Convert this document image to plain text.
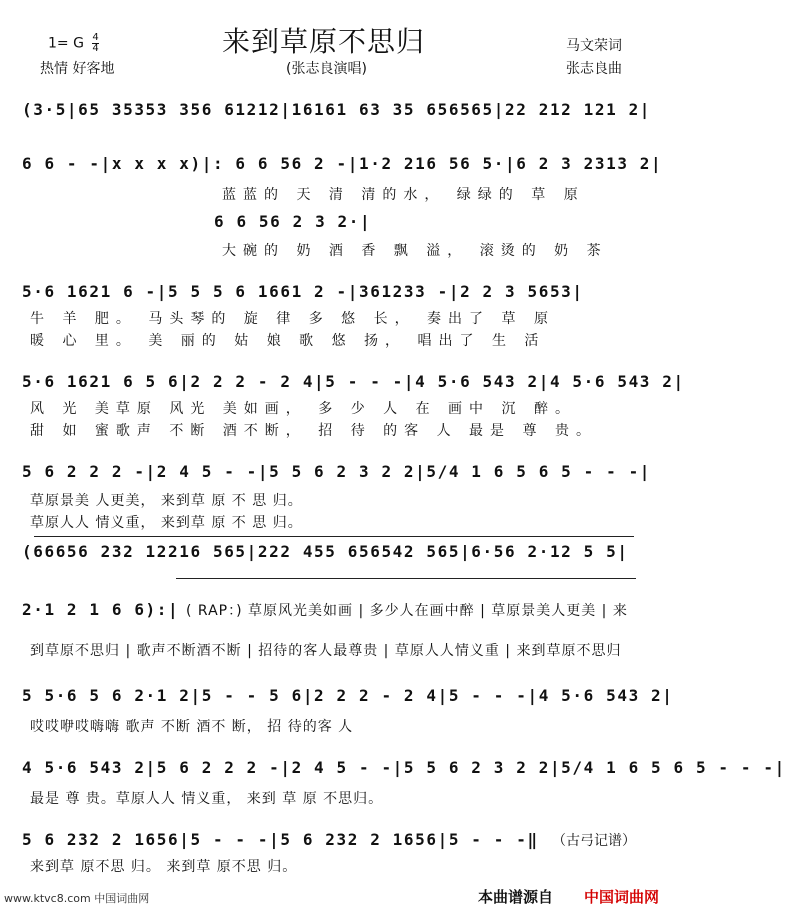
1= G $\frac{4}{4}$	来到草原不思归	马文荣词
热情 好客地	(张志良演唱)	张志良曲
(3·5|65 35353 356 61212|16161 63 35 656565|22 212 121 2|
6 6 - -|x x x x)|: 6 6 56 2 -|1·2 216 56 5·|6 2 3 2313 2|
蓝蓝的 天 清 清的水， 绿绿的 草 原
6 6 56 2 3 2·|
大碗的 奶 酒 香 飘 溢， 滚烫的 奶 茶
5·6 1621 6 -|5 5 5 6 1661 2 -|361233 -|2 2 3 5653|
牛 羊 肥。 马头琴的 旋 律 多 悠 长， 奏出了 草 原
暖 心 里。 美 丽的 姑 娘 歌 悠 扬， 唱出了 生 活
5·6 1621 6 5 6|2 2 2 - 2 4|5 - - -|4 5·6 543 2|4 5·6 543 2|
风 光 美草原 风光 美如画， 多 少 人 在 画中 沉 醉。
甜 如 蜜歌声 不断 酒不断， 招 待 的客 人 最是 尊 贵。
5 6 2 2 2 -|2 4 5 - -|5 5 6 2 3 2 2|5/4 1 6 5 6 5 - - -|
草原景美 人更美， 来到草 原 不 思 归。
草原人人 情义重， 来到草 原 不 思 归。
(66656 232 12216 565|222 455 656542 565|6·56 2·12 5 5|
2·1 2 1 6 6):| ( RAP：) 草原风光美如画 | 多少人在画中醉 | 草原景美人更美 | 来
到草原不思归 | 歌声不断酒不断 | 招待的客人最尊贵 | 草原人人情义重 | 来到草原不思归
5 5·6 5 6 2·1 2|5 - - 5 6|2 2 2 - 2 4|5 - - -|4 5·6 543 2|
哎哎咿哎嗨嗨 歌声 不断 酒不 断， 招 待的客 人
4 5·6 543 2|5 6 2 2 2 -|2 4 5 - -|5 5 6 2 3 2 2|5/4 1 6 5 6 5 - - -|
最是 尊 贵。草原人人 情义重， 来到 草 原 不思归。
5 6 232 2 1656|5 - - -|5 6 232 2 1656|5 - - -‖ （古弓记谱）
来到草 原不思 归。 来到草 原不思 归。
www.ktvc8.com 中国词曲网	本曲谱源自 中国词曲网
